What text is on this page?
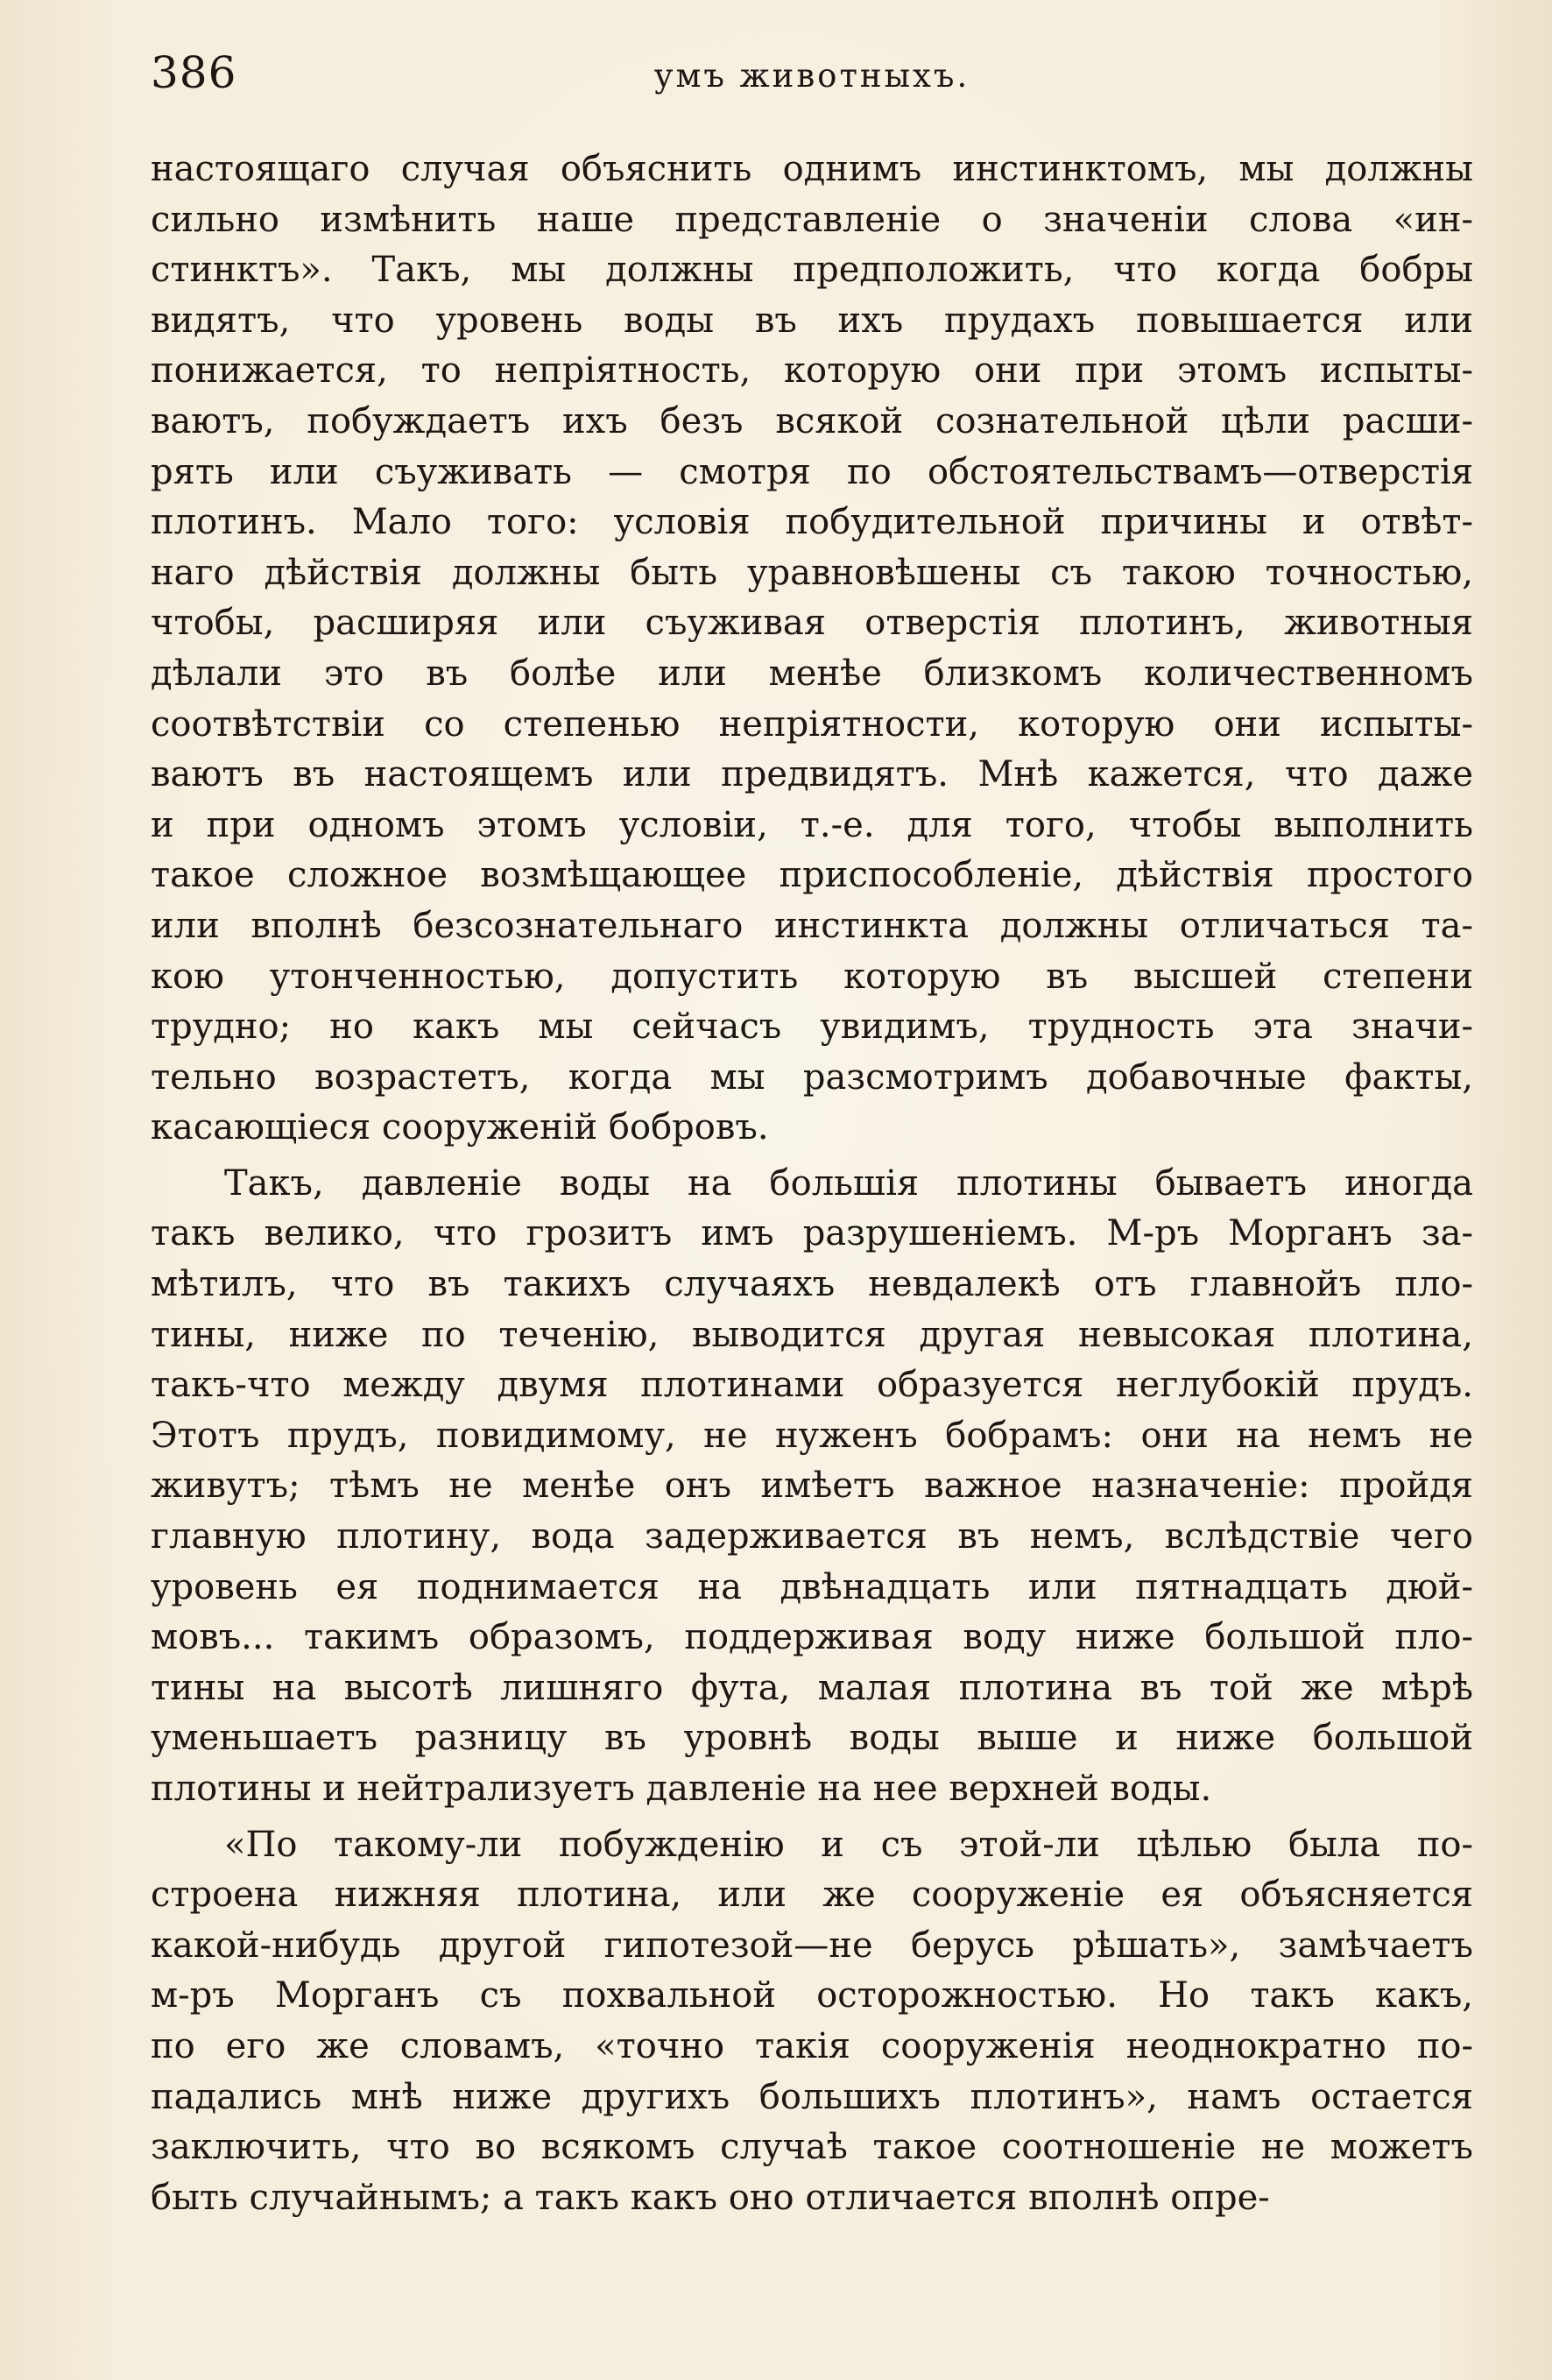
386	умъ животныхъ.
настоящаго случая объяснить однимъ инстинктомъ, мы должны
сильно измѣнить наше представленіе о значеніи слова «ин-
стинктъ». Такъ, мы должны предположить, что когда бобры
видятъ, что уровень воды въ ихъ прудахъ повышается или
понижается, то непріятность, которую они при этомъ испыты-
ваютъ, побуждаетъ ихъ безъ всякой сознательной цѣли расши-
рять или съуживать — смотря по обстоятельствамъ—отверстія
плотинъ. Мало того: условія побудительной причины и отвѣт-
наго дѣйствія должны быть уравновѣшены съ такою точностью,
чтобы, расширяя или съуживая отверстія плотинъ, животныя
дѣлали это въ болѣе или менѣе близкомъ количественномъ
соотвѣтствіи со степенью непріятности, которую они испыты-
ваютъ въ настоящемъ или предвидятъ. Мнѣ кажется, что даже
и при одномъ этомъ условіи, т.-е. для того, чтобы выполнить
такое сложное возмѣщающее приспособленіе, дѣйствія простого
или вполнѣ безсознательнаго инстинкта должны отличаться та-
кою утонченностью, допустить которую въ высшей степени
трудно; но какъ мы сейчасъ увидимъ, трудность эта значи-
тельно возрастетъ, когда мы разсмотримъ добавочные факты,
касающіеся сооруженій бобровъ.
Такъ, давленіе воды на большія плотины бываетъ иногда
такъ велико, что грозитъ имъ разрушеніемъ. М-ръ Морганъ за-
мѣтилъ, что въ такихъ случаяхъ невдалекѣ отъ главнойъ пло-
тины, ниже по теченію, выводится другая невысокая плотина,
такъ-что между двумя плотинами образуется неглубокій прудъ.
Этотъ прудъ, повидимому, не нуженъ бобрамъ: они на немъ не
живутъ; тѣмъ не менѣе онъ имѣетъ важное назначеніе: пройдя
главную плотину, вода задерживается въ немъ, вслѣдствіе чего
уровень ея поднимается на двѣнадцать или пятнадцать дюй-
мовъ... такимъ образомъ, поддерживая воду ниже большой пло-
тины на высотѣ лишняго фута, малая плотина въ той же мѣрѣ
уменьшаетъ разницу въ уровнѣ воды выше и ниже большой
плотины и нейтрализуетъ давленіе на нее верхней воды.
«По такому-ли побужденію и съ этой-ли цѣлью была по-
строена нижняя плотина, или же сооруженіе ея объясняется
какой-нибудь другой гипотезой—не берусь рѣшать», замѣчаетъ
м-ръ Морганъ съ похвальной осторожностью. Но такъ какъ,
по его же словамъ, «точно такія сооруженія неоднократно по-
падались мнѣ ниже другихъ большихъ плотинъ», намъ остается
заключить, что во всякомъ случаѣ такое соотношеніе не можетъ
быть случайнымъ; а такъ какъ оно отличается вполнѣ опре-
